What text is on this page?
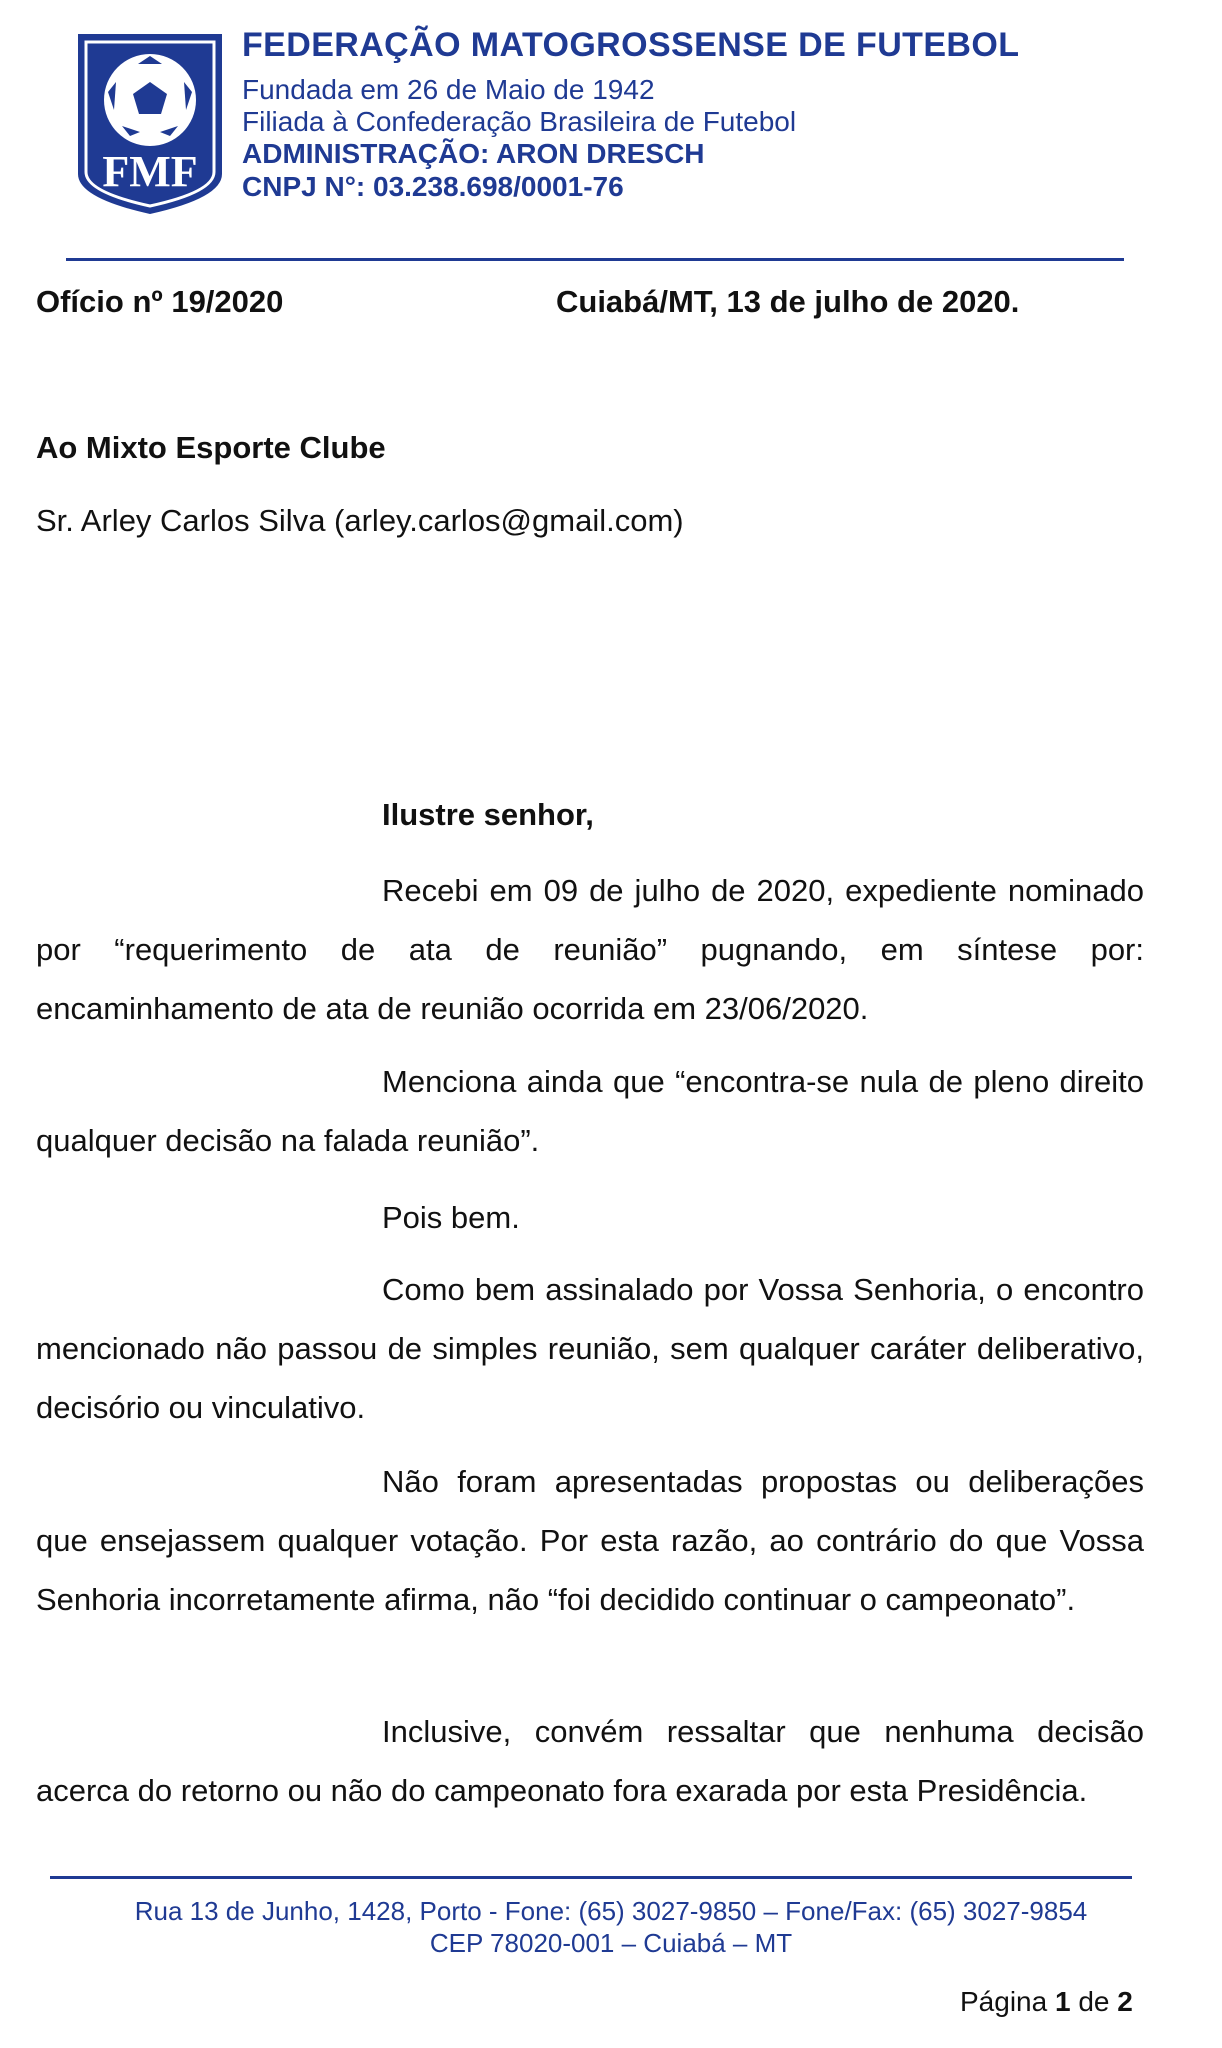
FMF
FEDERAÇÃO MATOGROSSENSE DE FUTEBOL
Fundada em 26 de Maio de 1942
Filiada à Confederação Brasileira de Futebol
ADMINISTRAÇÃO: ARON DRESCH
CNPJ N°: 03.238.698/0001-76
Ofício nº 19/2020	Cuiabá/MT, 13 de julho de 2020.
Ao Mixto Esporte Clube
Sr. Arley Carlos Silva (arley.carlos@gmail.com)
Ilustre senhor,

Recebi em 09 de julho de 2020, expediente nominado
por “requerimento de ata de reunião” pugnando, em síntese por:
encaminhamento de ata de reunião ocorrida em 23/06/2020.

Menciona ainda que “encontra-se nula de pleno direito
qualquer decisão na falada reunião”.

Pois bem.

Como bem assinalado por Vossa Senhoria, o encontro
mencionado não passou de simples reunião, sem qualquer caráter deliberativo,
decisório ou vinculativo.

Não foram apresentadas propostas ou deliberações
que ensejassem qualquer votação. Por esta razão, ao contrário do que Vossa
Senhoria incorretamente afirma, não “foi decidido continuar o campeonato”.

Inclusive, convém ressaltar que nenhuma decisão
acerca do retorno ou não do campeonato fora exarada por esta Presidência.

Rua 13 de Junho, 1428, Porto - Fone: (65) 3027-9850 – Fone/Fax: (65) 3027-9854
CEP 78020-001 – Cuiabá – MT
Página 1 de 2
